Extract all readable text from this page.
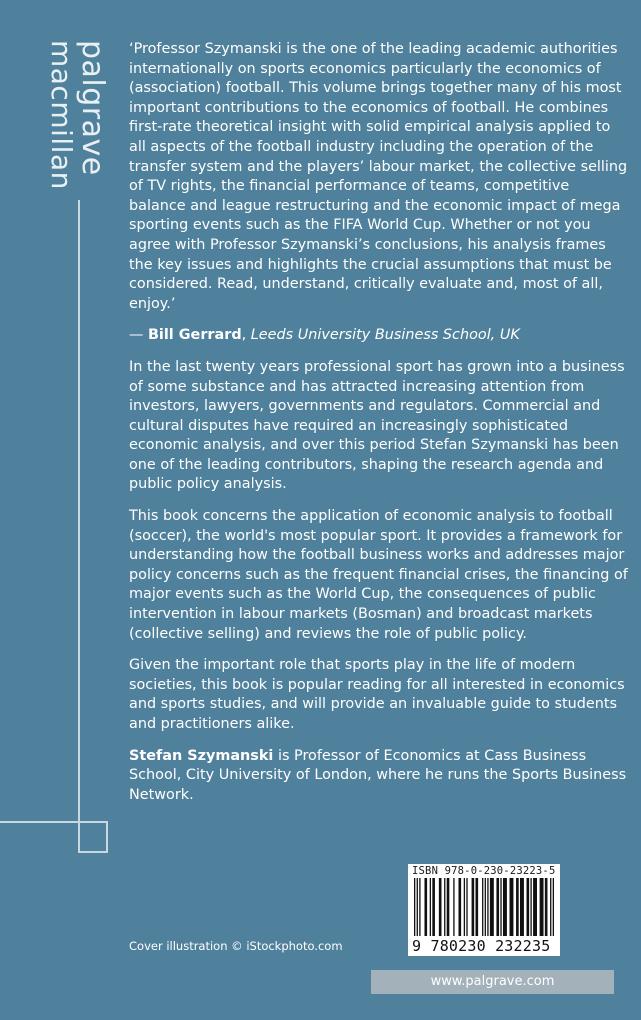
palgrave
macmillan	‘Professor Szymanski is the one of the leading academic authorities internationally on sports economics particularly the economics of (association) football. This volume brings together many of his most important contributions to the economics of football. He combines first-rate theoretical insight with solid empirical analysis applied to all aspects of the football industry including the operation of the transfer system and the players’ labour market, the collective selling of TV rights, the financial performance of teams, competitive balance and league restructuring and the economic impact of mega sporting events such as the FIFA World Cup. Whether or not you agree with Professor Szymanski’s conclusions, his analysis frames the key issues and highlights the crucial assumptions that must be considered. Read, understand, critically evaluate and, most of all, enjoy.’

— Bill Gerrard, Leeds University Business School, UK

In the last twenty years professional sport has grown into a business of some substance and has attracted increasing attention from investors, lawyers, governments and regulators. Commercial and cultural disputes have required an increasingly sophisticated economic analysis, and over this period Stefan Szymanski has been one of the leading contributors, shaping the research agenda and public policy analysis.

This book concerns the application of economic analysis to football (soccer), the world's most popular sport. It provides a framework for understanding how the football business works and addresses major policy concerns such as the frequent financial crises, the financing of major events such as the World Cup, the consequences of public intervention in labour markets (Bosman) and broadcast markets (collective selling) and reviews the role of public policy.

Given the important role that sports play in the life of modern societies, this book is popular reading for all interested in economics and sports studies, and will provide an invaluable guide to students and practitioners alike.

Stefan Szymanski is Professor of Economics at Cass Business School, City University of London, where he runs the Sports Business Network.

Cover illustration © iStockphoto.com
ISBN 978-0-230-23223-5
9 780230 232235
www.palgrave.com
